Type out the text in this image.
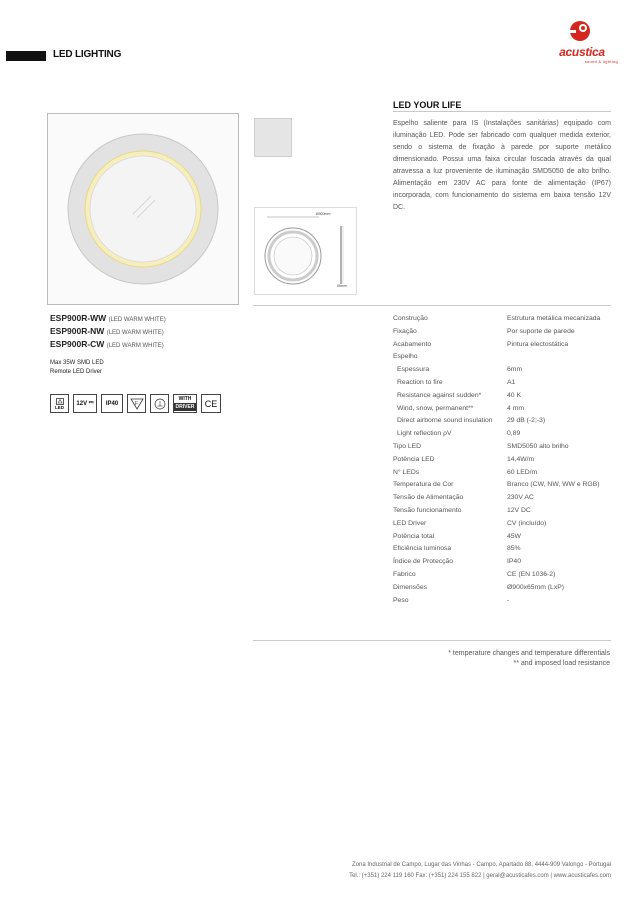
LED LIGHTING	acustica
sound & lighting
Ø900mm
65mm
LED YOUR LIFE
Espelho saliente para IS (Instalações sanitárias) equipado com iluminação LED. Pode ser fabricado com qualquer medida exterior, sendo o sistema de fixação à parede por suporte metálico dimensionado. Possui uma faixa circular foscada através da qual atravessa a luz proveniente de iluminação SMD5050 de alto brilho. Alimentação em 230V AC para fonte de alimentação (IP67) incorporada, com funcionamento do sistema em baixa tensão 12V DC.
ESP900R-WW (LED WARM WHITE)
ESP900R-NW (LED WARM WHITE)
ESP900R-CW (LED WARM WHITE)
Max 35W SMD LED
Remote LED Driver
LED
12V ⎓	IP40	F
WITH
DRIVER	CE
Construção	Estrutura metálica mecanizada
Fixação	Por suporte de parede
Acabamento	Pintura electostática
Espelho
Espessura	6mm
Reaction to fire	A1
Resistance against sudden*	40 K
Wind, snow, permanent**	4 mm
Direct airborne sound insulation	29 dB (-2;-3)
Light reflection ρV	0,89
Tipo LED	SMD5050 alto brilho
Potência LED	14,4W/m
N° LEDs	60 LED/m
Temperatura de Cor	Branco (CW, NW, WW e RGB)
Tensão de Alimentação	230V AC
Tensão funcionamento	12V DC
LED Driver	CV (incluído)
Potência total	45W
Eficiência luminosa	85%
Índice de Protecção	IP40
Fabrico	CE (EN 1036-2)
Dimensões	Ø900x65mm (LxP)
Peso	-
* temperature changes and temperature differentials
** and imposed load resistance
Zona Industrial de Campo, Lugar das Vinhas - Campo, Apartado 88, 4444-909 Valongo - Portugal
Tel.: (+351) 224 119 160 Fax: (+351) 224 155 822 | geral@acusticafes.com | www.acusticafes.com
